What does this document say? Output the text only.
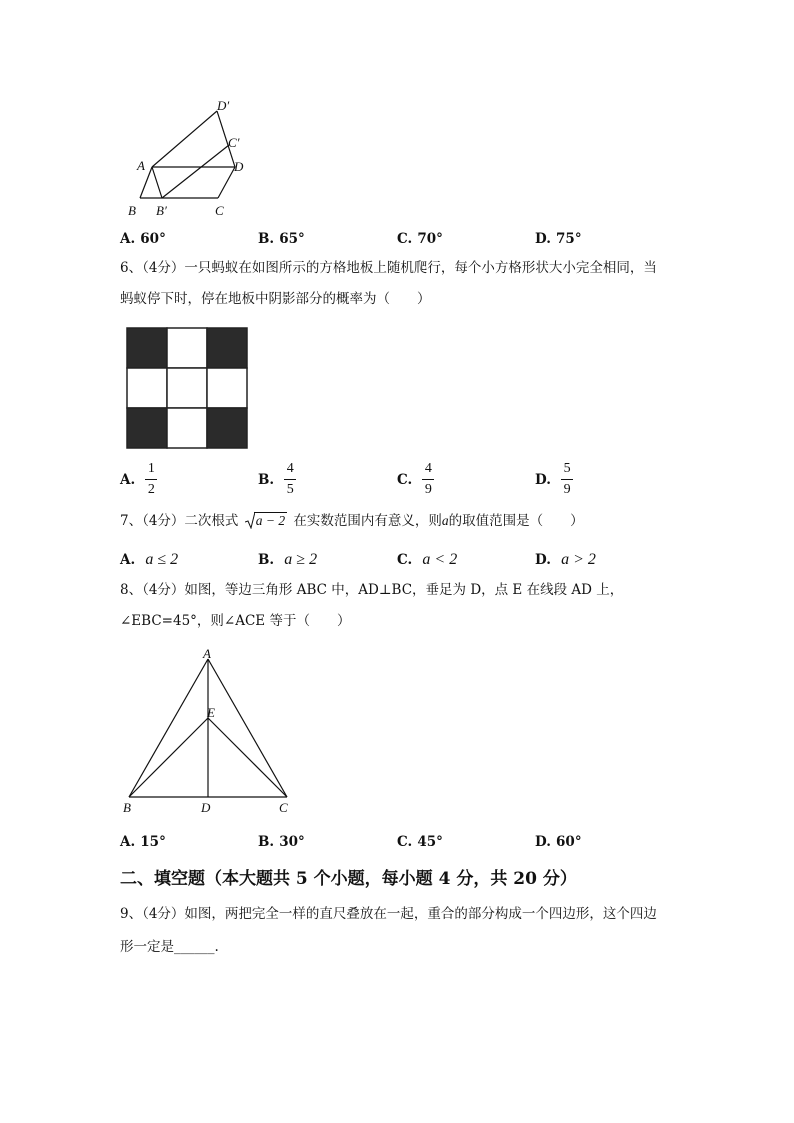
D′
C′
A	D
B B′	C
A. 60°	B. 65°	C. 70°	D. 75°
6、（4分）一只蚂蚁在如图所示的方格地板上随机爬行，每个小方格形状大小完全相同，当
蚂蚁停下时，停在地板中阴影部分的概率为（　　）
A. $\frac{1}{2}$	B. $\frac{4}{5}$	C. $\frac{4}{9}$	D. $\frac{5}{9}$
7、（4分）二次根式 a − 2 在实数范围内有意义，则a的取值范围是（　　）
A. a ≤ 2	B. a ≥ 2	C. a < 2	D. a > 2
8、（4分）如图，等边三角形 ABC 中，AD⊥BC，垂足为 D，点 E 在线段 AD 上，
∠EBC=45°，则∠ACE 等于（　　）
A
E
B	D	C
A. 15°	B. 30°	C. 45°	D. 60°
二、填空题（本大题共 5 个小题，每小题 4 分，共 20 分）
9、（4分）如图，两把完全一样的直尺叠放在一起，重合的部分构成一个四边形，这个四边
形一定是______.
